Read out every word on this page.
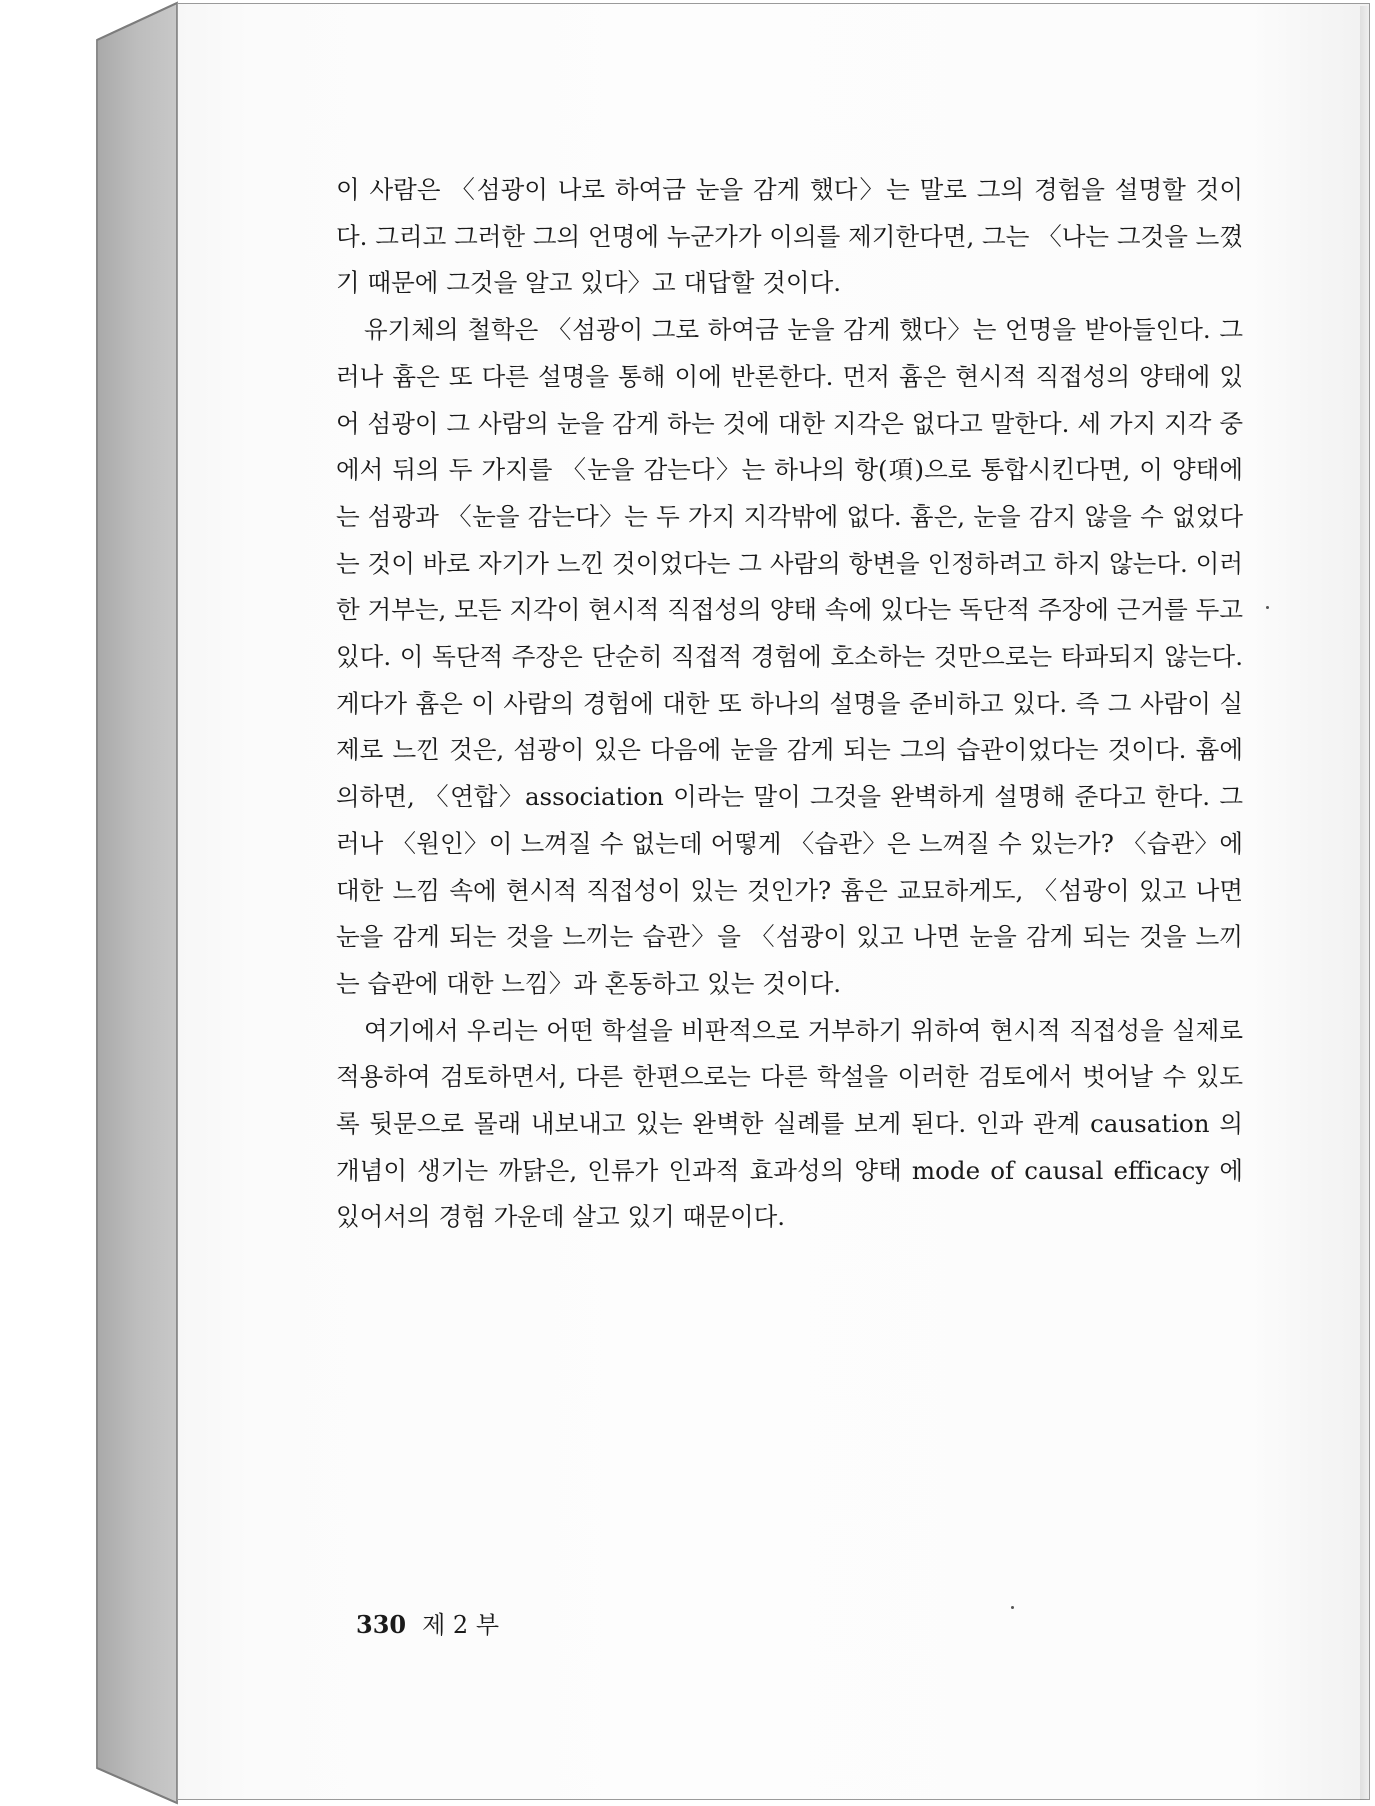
이 사람은 〈섬광이 나로 하여금 눈을 감게 했다〉는 말로 그의 경험을 설명할 것이다. 그리고 그러한 그의 언명에 누군가가 이의를 제기한다면, 그는 〈나는 그것을 느꼈기 때문에 그것을 알고 있다〉고 대답할 것이다.

유기체의 철학은 〈섬광이 그로 하여금 눈을 감게 했다〉는 언명을 받아들인다. 그러나 흄은 또 다른 설명을 통해 이에 반론한다. 먼저 흄은 현시적 직접성의 양태에 있어 섬광이 그 사람의 눈을 감게 하는 것에 대한 지각은 없다고 말한다. 세 가지 지각 중에서 뒤의 두 가지를 〈눈을 감는다〉는 하나의 항(項)으로 통합시킨다면, 이 양태에는 섬광과 〈눈을 감는다〉는 두 가지 지각밖에 없다. 흄은, 눈을 감지 않을 수 없었다는 것이 바로 자기가 느낀 것이었다는 그 사람의 항변을 인정하려고 하지 않는다. 이러한 거부는, 모든 지각이 현시적 직접성의 양태 속에 있다는 독단적 주장에 근거를 두고 있다. 이 독단적 주장은 단순히 직접적 경험에 호소하는 것만으로는 타파되지 않는다. 게다가 흄은 이 사람의 경험에 대한 또 하나의 설명을 준비하고 있다. 즉 그 사람이 실제로 느낀 것은, 섬광이 있은 다음에 눈을 감게 되는 그의 습관이었다는 것이다. 흄에 의하면, 〈연합〉association 이라는 말이 그것을 완벽하게 설명해 준다고 한다. 그러나 〈원인〉이 느껴질 수 없는데 어떻게 〈습관〉은 느껴질 수 있는가? 〈습관〉에 대한 느낌 속에 현시적 직접성이 있는 것인가? 흄은 교묘하게도, 〈섬광이 있고 나면 눈을 감게 되는 것을 느끼는 습관〉을 〈섬광이 있고 나면 눈을 감게 되는 것을 느끼는 습관에 대한 느낌〉과 혼동하고 있는 것이다.

여기에서 우리는 어떤 학설을 비판적으로 거부하기 위하여 현시적 직접성을 실제로 적용하여 검토하면서, 다른 한편으로는 다른 학설을 이러한 검토에서 벗어날 수 있도록 뒷문으로 몰래 내보내고 있는 완벽한 실례를 보게 된다. 인과 관계 causation 의 개념이 생기는 까닭은, 인류가 인과적 효과성의 양태 mode of causal efficacy 에 있어서의 경험 가운데 살고 있기 때문이다.

330 제 2 부
